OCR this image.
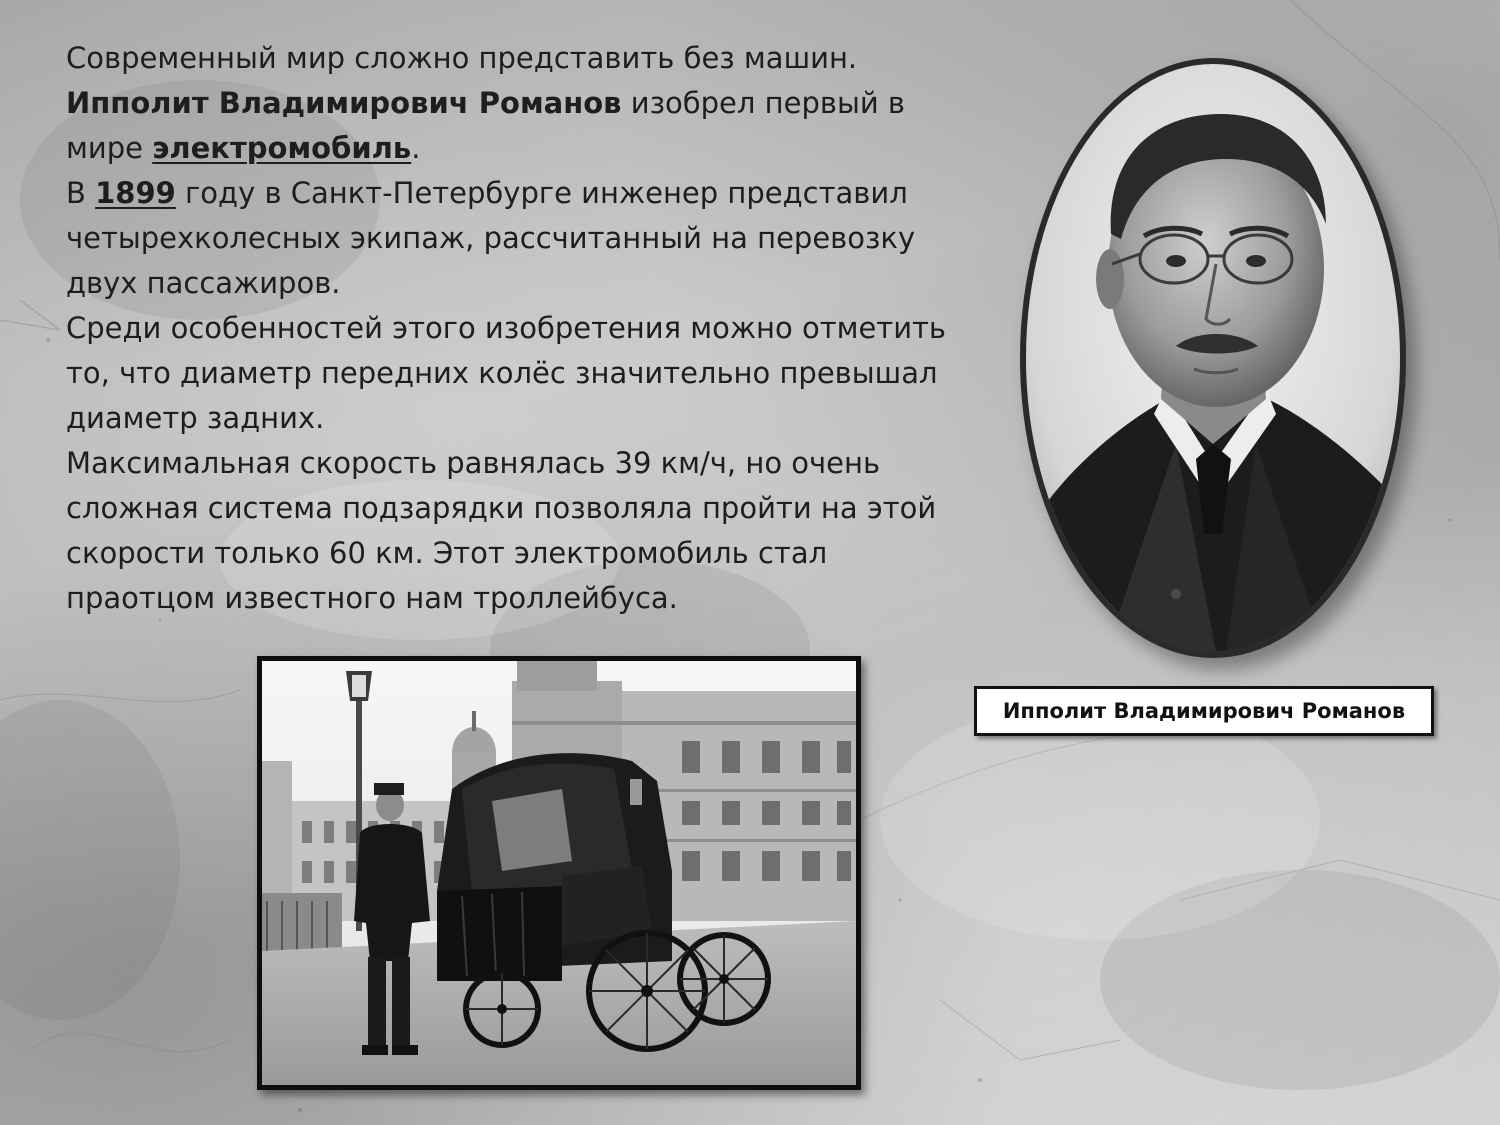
Современный мир сложно представить без машин.

Ипполит Владимирович Романов изобрел первый в мире электромобиль.

В 1899 году в Санкт-Петербурге инженер представил четырехколесных экипаж, рассчитанный на перевозку двух пассажиров.

Среди особенностей этого изобретения можно отметить то, что диаметр передних колёс значительно превышал диаметр задних.

Максимальная скорость равнялась 39 км/ч, но очень сложная система подзарядки позволяла пройти на этой скорости только 60 км. Этот электромобиль стал праотцом известного нам троллейбуса.

Ипполит Владимирович Романов
